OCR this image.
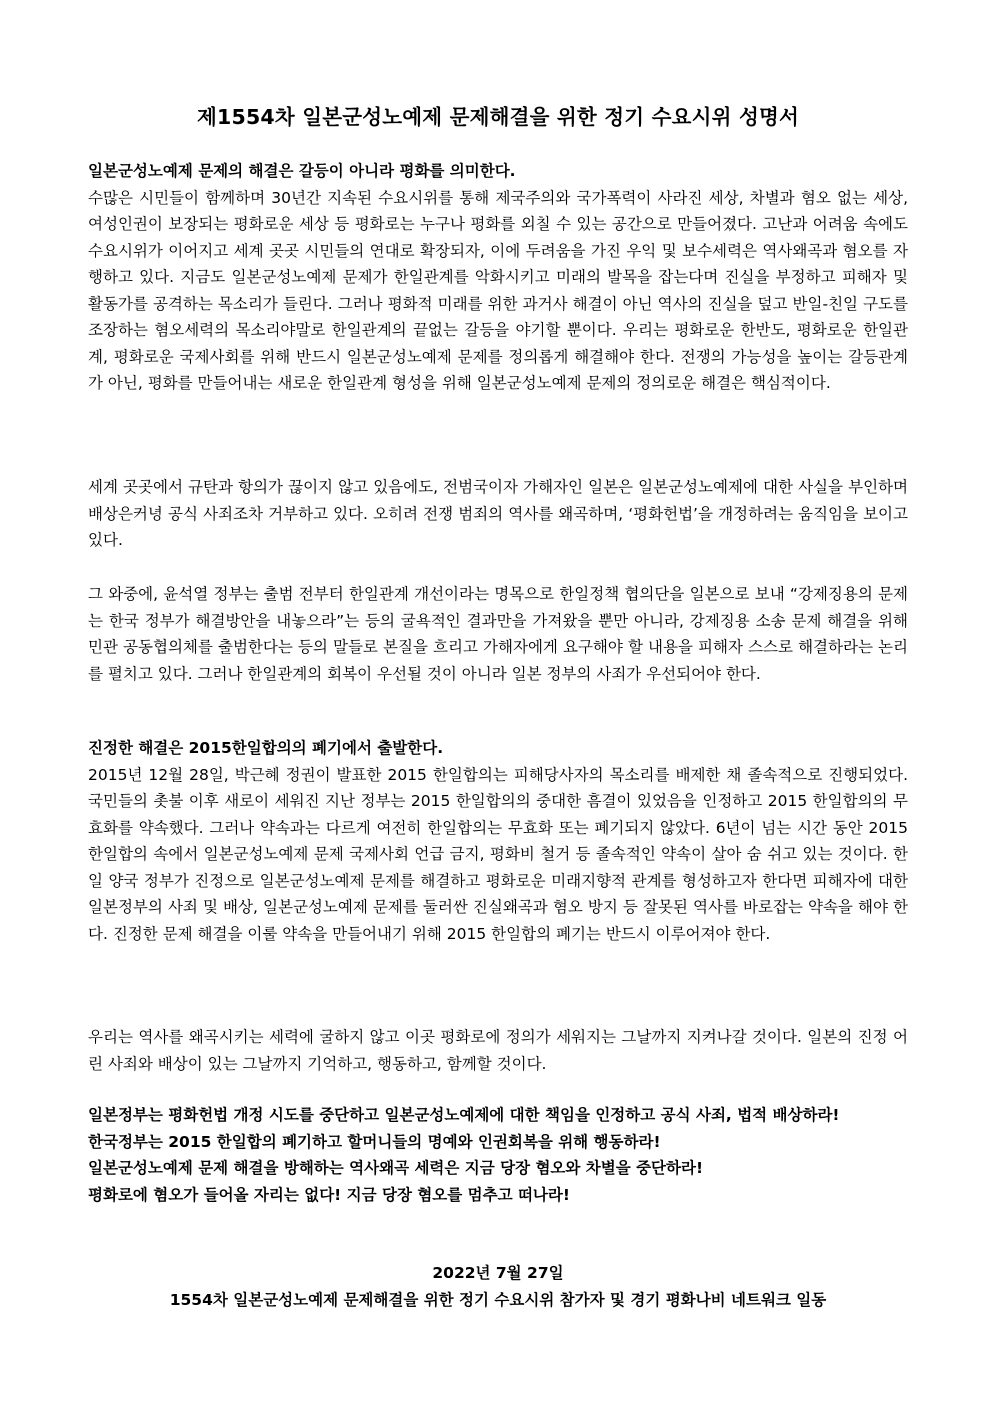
제1554차 일본군성노예제 문제해결을 위한 정기 수요시위 성명서
일본군성노예제 문제의 해결은 갈등이 아니라 평화를 의미한다.
수많은 시민들이 함께하며 30년간 지속된 수요시위를 통해 제국주의와 국가폭력이 사라진 세상, 차별과 혐오 없는 세상, 여성인권이 보장되는 평화로운 세상 등 평화로는 누구나 평화를 외칠 수 있는 공간으로 만들어졌다. 고난과 어려움 속에도 수요시위가 이어지고 세계 곳곳 시민들의 연대로 확장되자, 이에 두려움을 가진 우익 및 보수세력은 역사왜곡과 혐오를 자행하고 있다. 지금도 일본군성노예제 문제가 한일관계를 악화시키고 미래의 발목을 잡는다며 진실을 부정하고 피해자 및 활동가를 공격하는 목소리가 들린다. 그러나 평화적 미래를 위한 과거사 해결이 아닌 역사의 진실을 덮고 반일-친일 구도를 조장하는 혐오세력의 목소리야말로 한일관계의 끝없는 갈등을 야기할 뿐이다. 우리는 평화로운 한반도, 평화로운 한일관계, 평화로운 국제사회를 위해 반드시 일본군성노예제 문제를 정의롭게 해결해야 한다. 전쟁의 가능성을 높이는 갈등관계가 아닌, 평화를 만들어내는 새로운 한일관계 형성을 위해 일본군성노예제 문제의 정의로운 해결은 핵심적이다.
세계 곳곳에서 규탄과 항의가 끊이지 않고 있음에도, 전범국이자 가해자인 일본은 일본군성노예제에 대한 사실을 부인하며 배상은커녕 공식 사죄조차 거부하고 있다. 오히려 전쟁 범죄의 역사를 왜곡하며, ‘평화헌법’을 개정하려는 움직임을 보이고 있다.
그 와중에, 윤석열 정부는 출범 전부터 한일관계 개선이라는 명목으로 한일정책 협의단을 일본으로 보내 “강제징용의 문제는 한국 정부가 해결방안을 내놓으라”는 등의 굴욕적인 결과만을 가져왔을 뿐만 아니라, 강제징용 소송 문제 해결을 위해 민관 공동협의체를 출범한다는 등의 말들로 본질을 흐리고 가해자에게 요구해야 할 내용을 피해자 스스로 해결하라는 논리를 펼치고 있다. 그러나 한일관계의 회복이 우선될 것이 아니라 일본 정부의 사죄가 우선되어야 한다.
진정한 해결은 2015한일합의의 폐기에서 출발한다.
2015년 12월 28일, 박근혜 정권이 발표한 2015 한일합의는 피해당사자의 목소리를 배제한 채 졸속적으로 진행되었다. 국민들의 촛불 이후 새로이 세워진 지난 정부는 2015 한일합의의 중대한 흠결이 있었음을 인정하고 2015 한일합의의 무효화를 약속했다. 그러나 약속과는 다르게 여전히 한일합의는 무효화 또는 폐기되지 않았다. 6년이 넘는 시간 동안 2015 한일합의 속에서 일본군성노예제 문제 국제사회 언급 금지, 평화비 철거 등 졸속적인 약속이 살아 숨 쉬고 있는 것이다. 한일 양국 정부가 진정으로 일본군성노예제 문제를 해결하고 평화로운 미래지향적 관계를 형성하고자 한다면 피해자에 대한 일본정부의 사죄 및 배상, 일본군성노예제 문제를 둘러싼 진실왜곡과 혐오 방지 등 잘못된 역사를 바로잡는 약속을 해야 한다. 진정한 문제 해결을 이룰 약속을 만들어내기 위해 2015 한일합의 폐기는 반드시 이루어져야 한다.
우리는 역사를 왜곡시키는 세력에 굴하지 않고 이곳 평화로에 정의가 세워지는 그날까지 지켜나갈 것이다. 일본의 진정 어린 사죄와 배상이 있는 그날까지 기억하고, 행동하고, 함께할 것이다.
일본정부는 평화헌법 개정 시도를 중단하고 일본군성노예제에 대한 책임을 인정하고 공식 사죄, 법적 배상하라!
한국정부는 2015 한일합의 폐기하고 할머니들의 명예와 인권회복을 위해 행동하라!
일본군성노예제 문제 해결을 방해하는 역사왜곡 세력은 지금 당장 혐오와 차별을 중단하라!
평화로에 혐오가 들어올 자리는 없다! 지금 당장 혐오를 멈추고 떠나라!
2022년 7월 27일
1554차 일본군성노예제 문제해결을 위한 정기 수요시위 참가자 및 경기 평화나비 네트워크 일동
